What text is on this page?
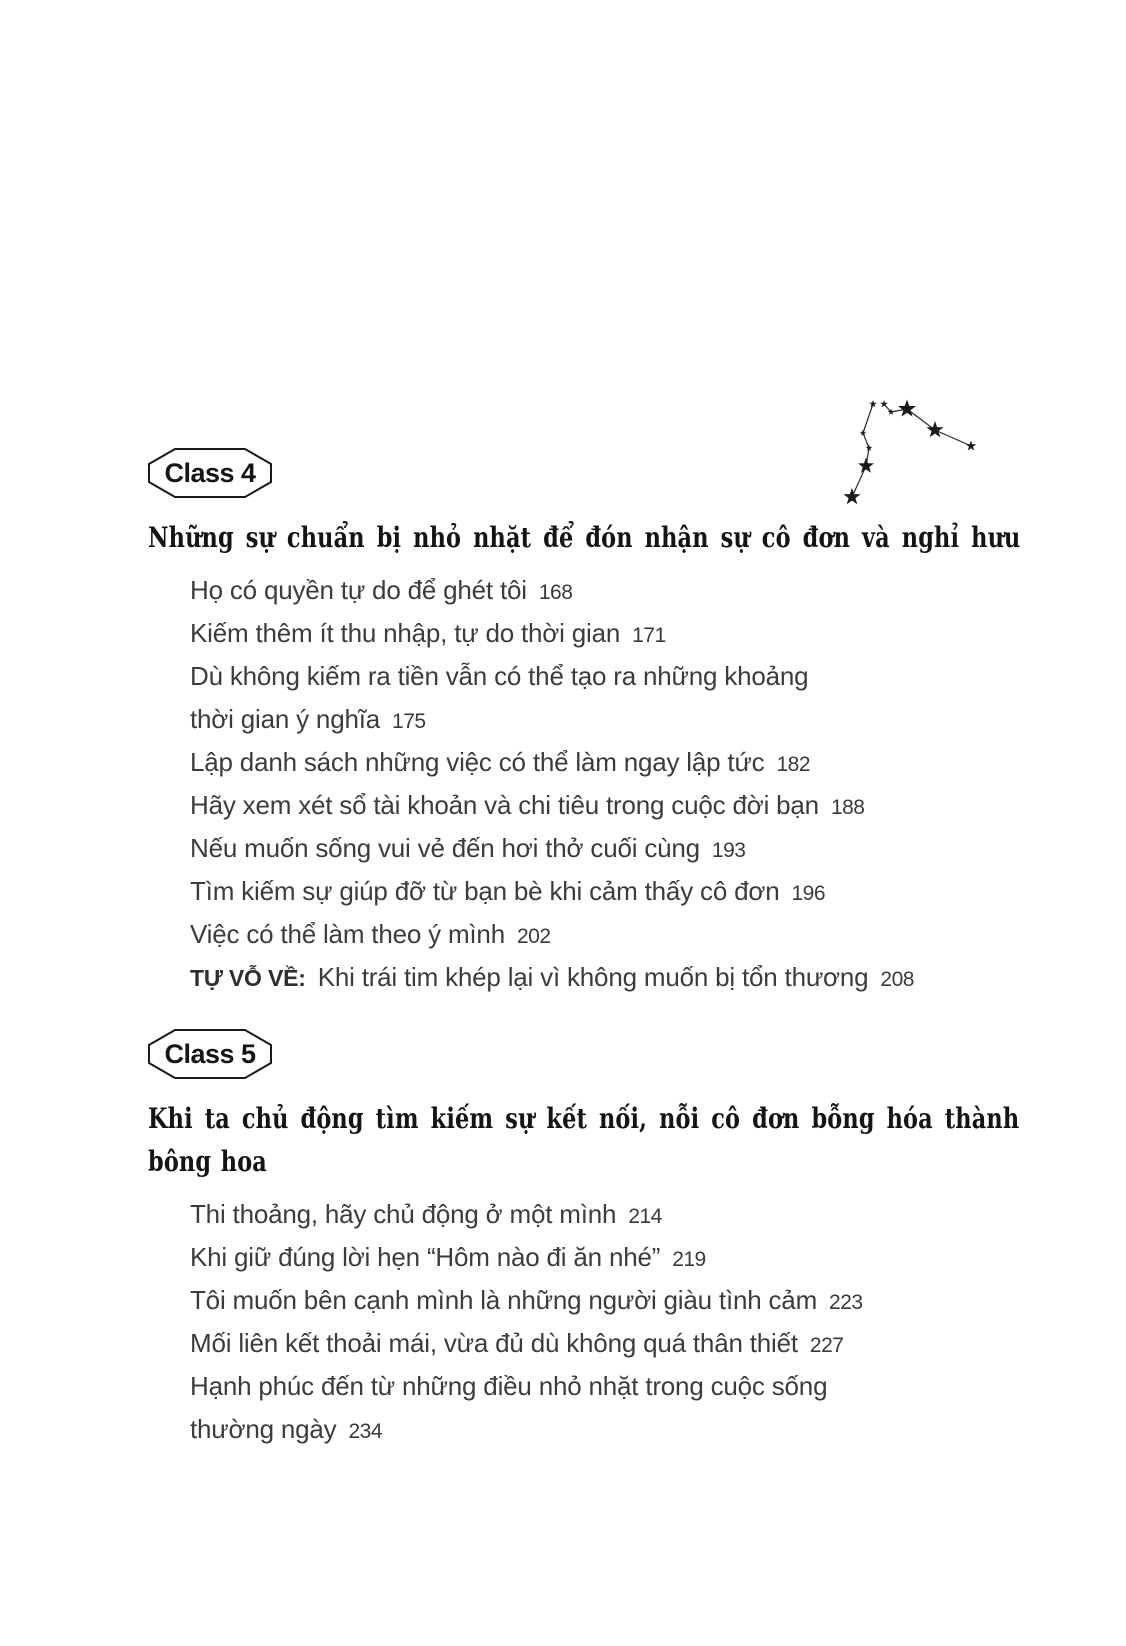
Class 4
Những sự chuẩn bị nhỏ nhặt để đón nhận sự cô đơn và nghỉ hưu
Họ có quyền tự do để ghét tôi 168
Kiếm thêm ít thu nhập, tự do thời gian 171
Dù không kiếm ra tiền vẫn có thể tạo ra những khoảng
thời gian ý nghĩa 175
Lập danh sách những việc có thể làm ngay lập tức 182
Hãy xem xét sổ tài khoản và chi tiêu trong cuộc đời bạn 188
Nếu muốn sống vui vẻ đến hơi thở cuối cùng 193
Tìm kiếm sự giúp đỡ từ bạn bè khi cảm thấy cô đơn 196
Việc có thể làm theo ý mình 202
TỰ VỖ VỀ: Khi trái tim khép lại vì không muốn bị tổn thương 208
Class 5
Khi ta chủ động tìm kiếm sự kết nối, nỗi cô đơn bỗng hóa thành
bông hoa
Thi thoảng, hãy chủ động ở một mình 214
Khi giữ đúng lời hẹn “Hôm nào đi ăn nhé” 219
Tôi muốn bên cạnh mình là những người giàu tình cảm 223
Mối liên kết thoải mái, vừa đủ dù không quá thân thiết 227
Hạnh phúc đến từ những điều nhỏ nhặt trong cuộc sống
thường ngày 234
